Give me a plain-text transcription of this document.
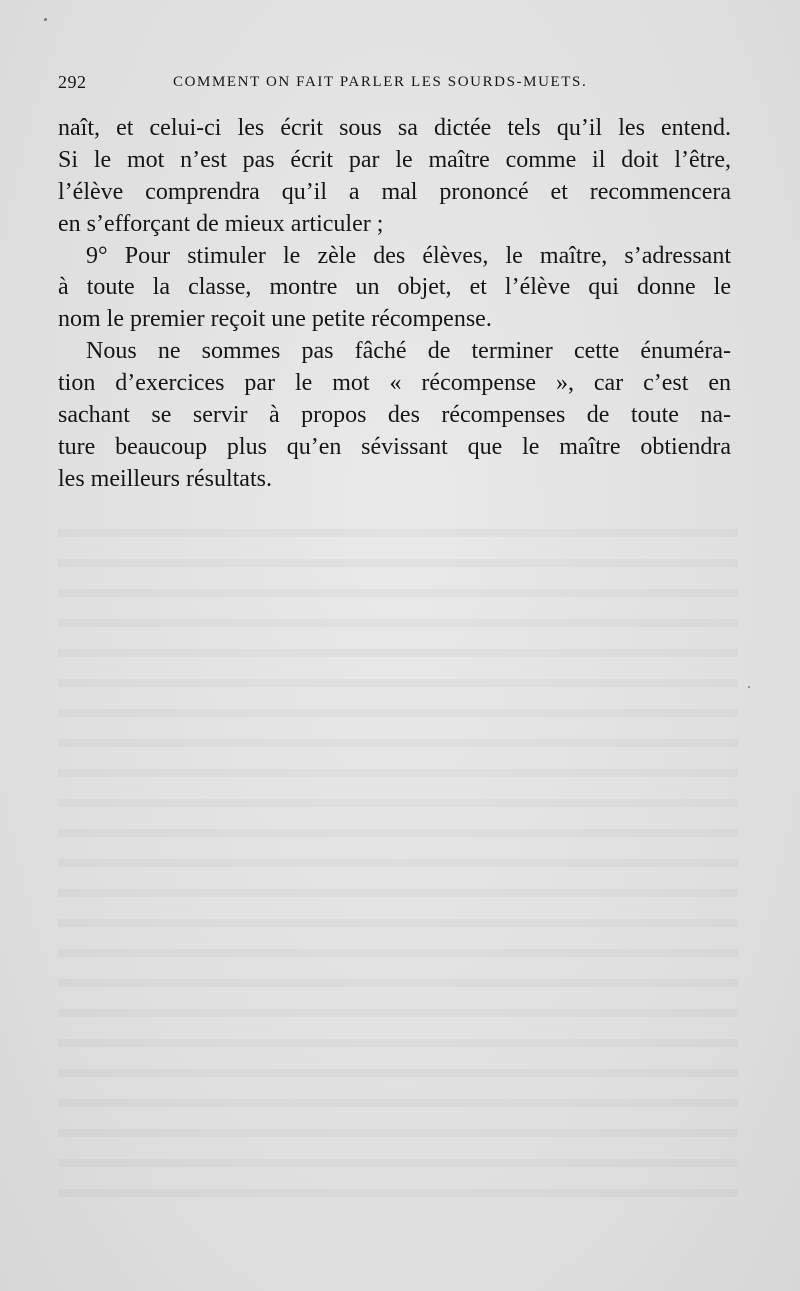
292	COMMENT ON FAIT PARLER LES SOURDS-MUETS.
naît, et celui-ci les écrit sous sa dictée tels qu’il les entend.
Si le mot n’est pas écrit par le maître comme il doit l’être,
l’élève comprendra qu’il a mal prononcé et recommencera
en s’efforçant de mieux articuler ;
9° Pour stimuler le zèle des élèves, le maître, s’adressant
à toute la classe, montre un objet, et l’élève qui donne le
nom le premier reçoit une petite récompense.
Nous ne sommes pas fâché de terminer cette énuméra-
tion d’exercices par le mot « récompense », car c’est en
sachant se servir à propos des récompenses de toute na-
ture beaucoup plus qu’en sévissant que le maître obtiendra
les meilleurs résultats.
